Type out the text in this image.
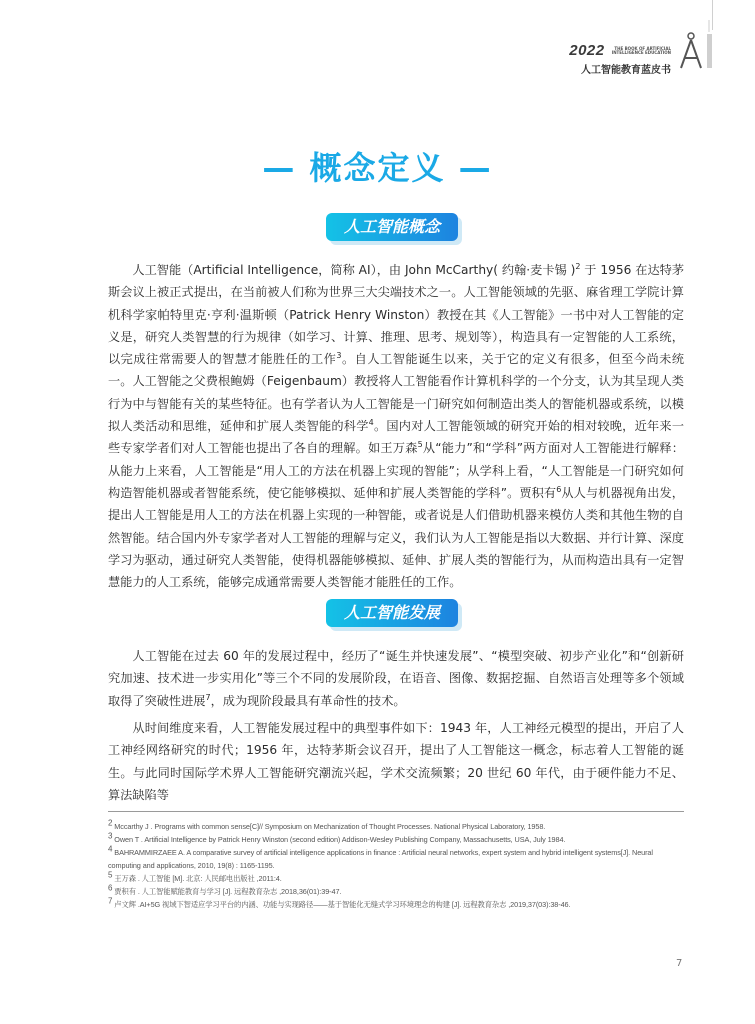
2022 THE BOOK OF ARTIFICIAL
INTELLIGENCE EDUCATION
人工智能教育蓝皮书
— 概念定义 —
人工智能概念

人工智能（Artificial Intelligence，简称 AI），由 John McCarthy( 约翰·麦卡锡 )$^2$ 于 1956 在达特茅斯会议上被正式提出，在当前被人们称为世界三大尖端技术之一。人工智能领域的先驱、麻省理工学院计算机科学家帕特里克·亨利·温斯顿（Patrick Henry Winston）教授在其《人工智能》一书中对人工智能的定义是，研究人类智慧的行为规律（如学习、计算、推理、思考、规划等），构造具有一定智能的人工系统，以完成往常需要人的智慧才能胜任的工作$^3$。自人工智能诞生以来，关于它的定义有很多，但至今尚未统一。人工智能之父费根鲍姆（Feigenbaum）教授将人工智能看作计算机科学的一个分支，认为其呈现人类行为中与智能有关的某些特征。也有学者认为人工智能是一门研究如何制造出类人的智能机器或系统，以模拟人类活动和思维，延伸和扩展人类智能的科学$^4$。国内对人工智能领域的研究开始的相对较晚，近年来一些专家学者们对人工智能也提出了各自的理解。如王万森$^5$从“能力”和“学科”两方面对人工智能进行解释：从能力上来看，人工智能是“用人工的方法在机器上实现的智能”；从学科上看，“人工智能是一门研究如何构造智能机器或者智能系统，使它能够模拟、延伸和扩展人类智能的学科”。贾积有$^6$从人与机器视角出发，提出人工智能是用人工的方法在机器上实现的一种智能，或者说是人们借助机器来模仿人类和其他生物的自然智能。结合国内外专家学者对人工智能的理解与定义，我们认为人工智能是指以大数据、并行计算、深度学习为驱动，通过研究人类智能，使得机器能够模拟、延伸、扩展人类的智能行为，从而构造出具有一定智慧能力的人工系统，能够完成通常需要人类智能才能胜任的工作。

人工智能发展

人工智能在过去 60 年的发展过程中，经历了“诞生并快速发展”、“模型突破、初步产业化”和“创新研究加速、技术进一步实用化”等三个不同的发展阶段，在语音、图像、数据挖掘、自然语言处理等多个领域取得了突破性进展$^7$，成为现阶段最具有革命性的技术。

从时间维度来看，人工智能发展过程中的典型事件如下：1943 年，人工神经元模型的提出，开启了人工神经网络研究的时代；1956 年，达特茅斯会议召开，提出了人工智能这一概念，标志着人工智能的诞生。与此同时国际学术界人工智能研究潮流兴起，学术交流频繁；20 世纪 60 年代，由于硬件能力不足、算法缺陷等

$^2$ Mccarthy J . Programs with common sense[C]// Symposium on Mechanization of Thought Processes. National Physical Laboratory, 1958.
$^3$ Owen T . Artificial Intelligence by Patrick Henry Winston (second edition) Addison-Wesley Publishing Company, Massachusetts, USA, July 1984.
$^4$ BAHRAMMIRZAEE A. A comparative survey of artificial intelligence applications in finance : Artificial neural networks, expert system and hybrid intelligent systems[J]. Neural computing and applications, 2010, 19(8) : 1165-1195.
$^5$ 王万森 . 人工智能 [M]. 北京: 人民邮电出版社 ,2011:4.
$^6$ 贾积有 . 人工智能赋能教育与学习 [J]. 远程教育杂志 ,2018,36(01):39-47.
$^7$ 卢文辉 .AI+5G 视域下智适应学习平台的内涵、功能与实现路径——基于智能化无缝式学习环境理念的构建 [J]. 远程教育杂志 ,2019,37(03):38-46.
7
